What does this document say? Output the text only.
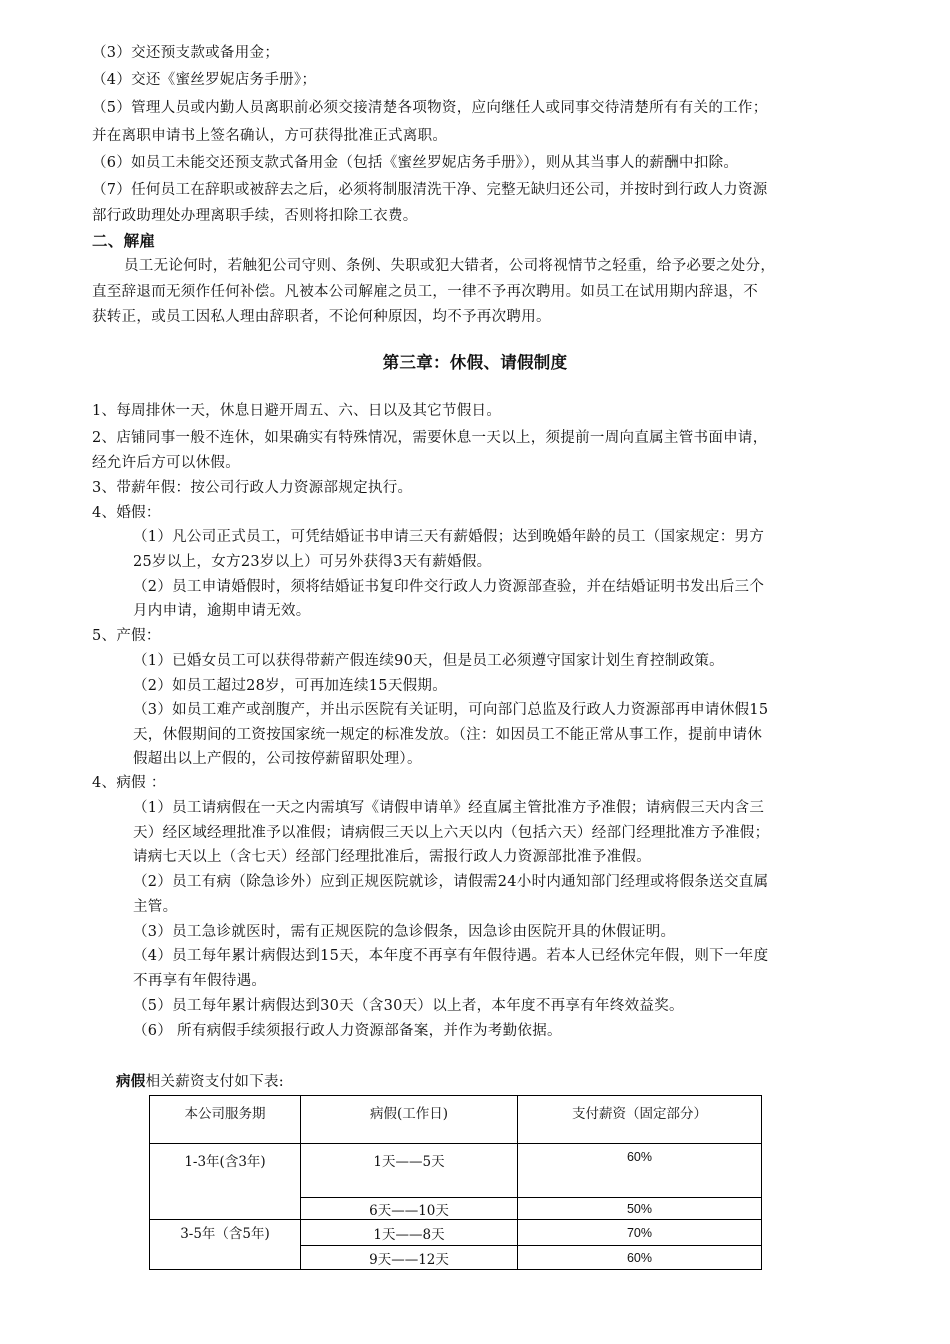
（3）交还预支款或备用金；
（4）交还《蜜丝罗妮店务手册》；
（5）管理人员或内勤人员离职前必须交接清楚各项物资，应向继任人或同事交待清楚所有有关的工作；
并在离职申请书上签名确认，方可获得批准正式离职。
（6）如员工未能交还预支款式备用金（包括《蜜丝罗妮店务手册》），则从其当事人的薪酬中扣除。
（7）任何员工在辞职或被辞去之后，必须将制服清洗干净、完整无缺归还公司，并按时到行政人力资源
部行政助理处办理离职手续，否则将扣除工衣费。
二、解雇
员工无论何时，若触犯公司守则、条例、失职或犯大错者，公司将视情节之轻重，给予必要之处分，
直至辞退而无须作任何补偿。凡被本公司解雇之员工，一律不予再次聘用。如员工在试用期内辞退，不
获转正，或员工因私人理由辞职者，不论何种原因，均不予再次聘用。
第三章：休假、请假制度
1、每周排休一天，休息日避开周五、六、日以及其它节假日。
2、店铺同事一般不连休，如果确实有特殊情况，需要休息一天以上，须提前一周向直属主管书面申请，
经允许后方可以休假。
3、带薪年假：按公司行政人力资源部规定执行。
4、婚假：
（1）凡公司正式员工，可凭结婚证书申请三天有薪婚假；达到晚婚年龄的员工（国家规定：男方
25岁以上，女方23岁以上）可另外获得3天有薪婚假。
（2）员工申请婚假时，须将结婚证书复印件交行政人力资源部查验，并在结婚证明书发出后三个
月内申请，逾期申请无效。
5、产假：
（1）已婚女员工可以获得带薪产假连续90天，但是员工必须遵守国家计划生育控制政策。
（2）如员工超过28岁，可再加连续15天假期。
（3）如员工难产或剖腹产，并出示医院有关证明，可向部门总监及行政人力资源部再申请休假15
天，休假期间的工资按国家统一规定的标准发放。（注：如因员工不能正常从事工作，提前申请休
假超出以上产假的，公司按停薪留职处理）。
4、病假 ：
（1）员工请病假在一天之内需填写《请假申请单》经直属主管批准方予准假；请病假三天内含三
天）经区域经理批准予以准假；请病假三天以上六天以内（包括六天）经部门经理批准方予准假；
请病七天以上（含七天）经部门经理批准后，需报行政人力资源部批准予准假。
（2）员工有病（除急诊外）应到正规医院就诊，请假需24小时内通知部门经理或将假条送交直属
主管。
（3）员工急诊就医时，需有正规医院的急诊假条，因急诊由医院开具的休假证明。
（4）员工每年累计病假达到15天，本年度不再享有年假待遇。若本人已经休完年假，则下一年度
不再享有年假待遇。
（5）员工每年累计病假达到30天（含30天）以上者，本年度不再享有年终效益奖。
（6） 所有病假手续须报行政人力资源部备案，并作为考勤依据。
病假相关薪资支付如下表:
本公司服务期	病假(工作日)	支付薪资（固定部分）
1-3年(含3年)	1天——5天	60%
	6天——10天	50%
3-5年（含5年)	1天——8天	70%
	9天——12天	60%
